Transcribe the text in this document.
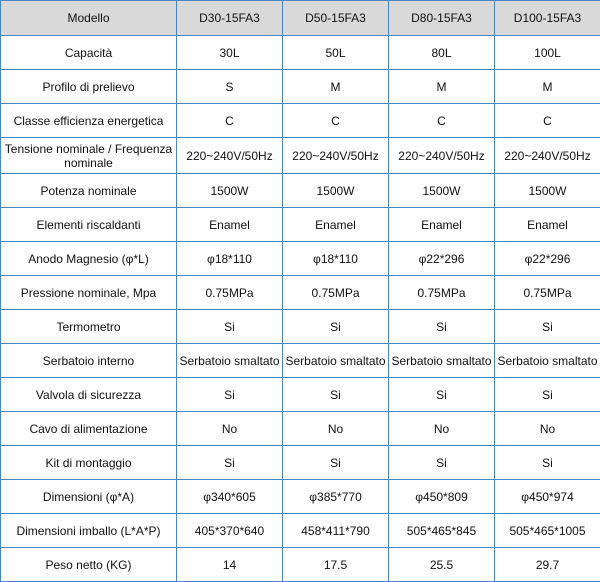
Modello	D30-15FA3	D50-15FA3	D80-15FA3	D100-15FA3
Capacità	30L	50L	80L	100L
Profilo di prelievo	S	M	M	M
Classe efficienza energetica	C	C	C	C
Tensione nominale / Frequenza nominale	220~240V/50Hz	220~240V/50Hz	220~240V/50Hz	220~240V/50Hz
Potenza nominale	1500W	1500W	1500W	1500W
Elementi riscaldanti	Enamel	Enamel	Enamel	Enamel
Anodo Magnesio (φ*L)	φ18*110	φ18*110	φ22*296	φ22*296
Pressione nominale, Mpa	0.75MPa	0.75MPa	0.75MPa	0.75MPa
Termometro	Si	Si	Si	Si
Serbatoio interno	Serbatoio smaltato	Serbatoio smaltato	Serbatoio smaltato	Serbatoio smaltato
Valvola di sicurezza	Si	Si	Si	Si
Cavo di alimentazione	No	No	No	No
Kit di montaggio	Si	Si	Si	Si
Dimensioni (φ*A)	φ340*605	φ385*770	φ450*809	φ450*974
Dimensioni imballo (L*A*P)	405*370*640	458*411*790	505*465*845	505*465*1005
Peso netto (KG)	14	17.5	25.5	29.7
